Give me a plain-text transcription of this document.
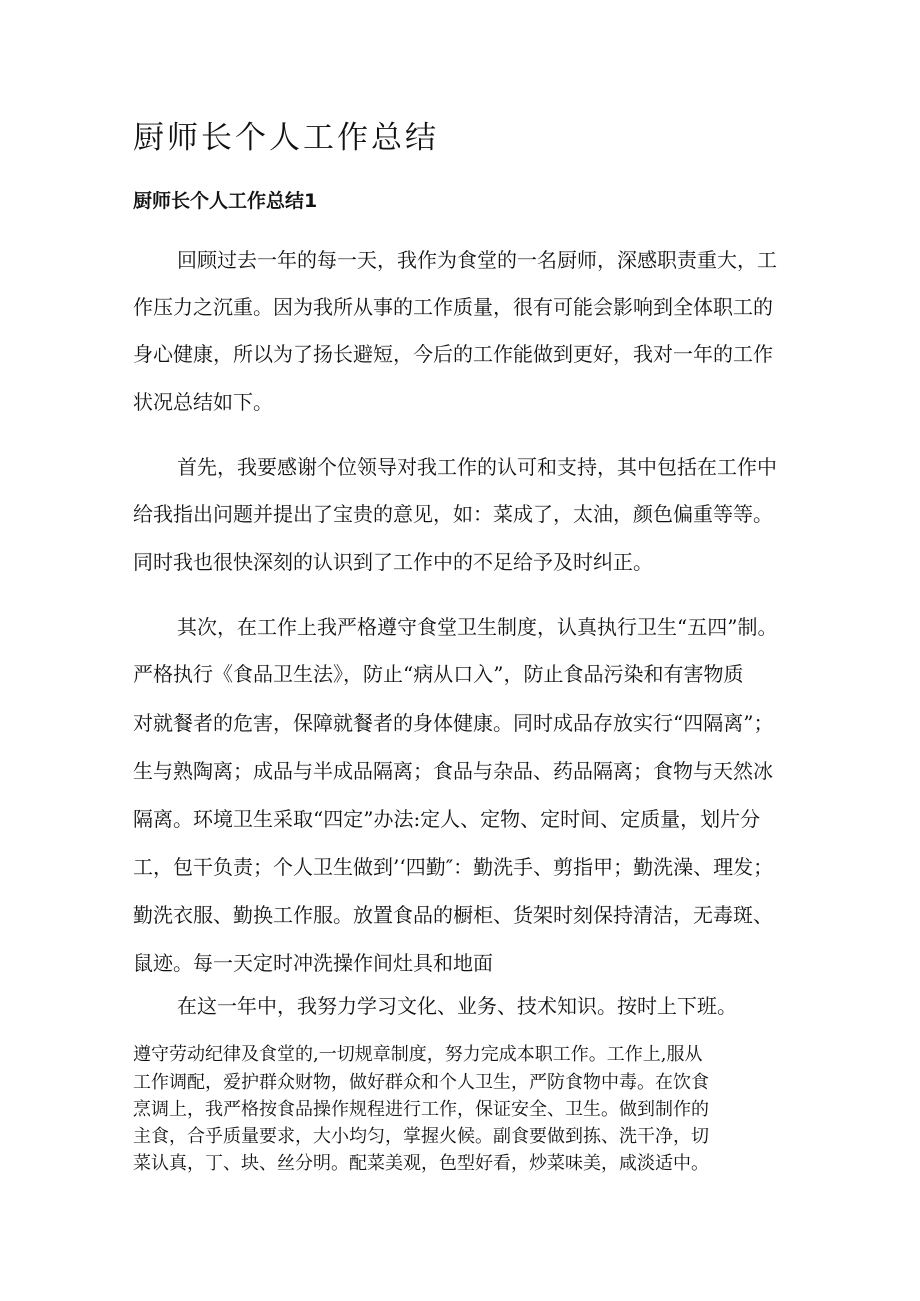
厨师长个人工作总结
厨师长个人工作总结1

回顾过去一年的每一天，我作为食堂的一名厨师，深感职责重大，工

作压力之沉重。因为我所从事的工作质量，很有可能会影响到全体职工的

身心健康，所以为了扬长避短，今后的工作能做到更好，我对一年的工作

状况总结如下。

首先，我要感谢个位领导对我工作的认可和支持，其中包括在工作中

给我指出问题并提出了宝贵的意见，如：菜成了，太油，颜色偏重等等。

同时我也很快深刻的认识到了工作中的不足给予及时纠正。

其次，在工作上我严格遵守食堂卫生制度，认真执行卫生“五四”制。

严格执行《食品卫生法》，防止“病从口入”，防止食品污染和有害物质

对就餐者的危害，保障就餐者的身体健康。同时成品存放实行“四隔离”；

生与熟陶离；成品与半成品隔离；食品与杂品、药品隔离；食物与天然冰

隔离。环境卫生采取“四定”办法:定人、定物、定时间、定质量，划片分

工，包干负责；个人卫生做到’‘四勤″：勤洗手、剪指甲；勤洗澡、理发；

勤洗衣服、勤换工作服。放置食品的橱柜、货架时刻保持清洁，无毒斑、

鼠迹。每一天定时冲洗操作间灶具和地面

在这一年中，我努力学习文化、业务、技术知识。按时上下班。

遵守劳动纪律及食堂的,一切规章制度，努力完成本职工作。工作上,服从

工作调配，爱护群众财物，做好群众和个人卫生，严防食物中毒。在饮食

烹调上，我严格按食品操作规程进行工作，保证安全、卫生。做到制作的

主食，合乎质量要求，大小均匀，掌握火候。副食要做到拣、洗干净，切

菜认真，丁、块、丝分明。配菜美观，色型好看，炒菜味美，咸淡适中。
